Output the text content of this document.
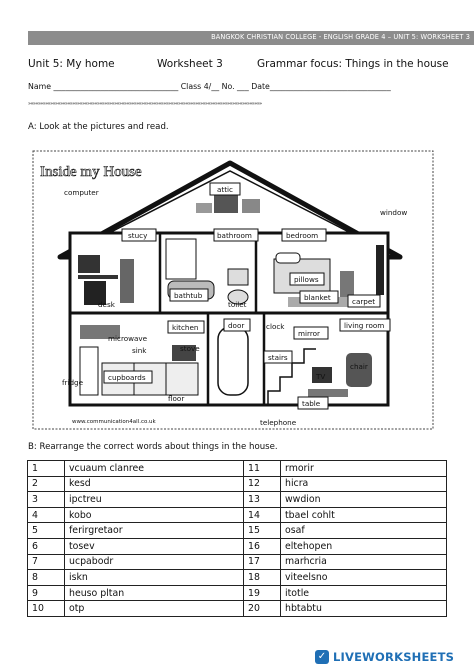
BANGKOK CHRISTIAN COLLEGE - ENGLISH GRADE 4 – UNIT 5: WORKSHEET 3
Unit 5: My home	Worksheet 3	Grammar focus: Things in the house
Name ________________________________ Class 4/__ No. ___ Date_______________________________
»»»»»»»»»»»»»»»»»»»»»»»»»»»»»»»»»»»»»»»»»»»»»»»»»»»»»»»»»»»»»»»»»»»»»»»»»»»»»»»»»»»»»»»»»»»»»»»
A: Look at the pictures and read.
Inside my House
attic
computer
stucy	bathroom	bedroom
window
desk
bathtub
toilet
pillows
blanket	carpet
kitchen	door	clock
mirror
living room
microwave
sink	stove
stairs
TV
chair
fridge
cupboards
floor
table
telephone
www.communication4all.co.uk
B: Rearrange the correct words about things in the house.
1	vcuaum clanree	11	rmorir
2	kesd	12	hicra
3	ipctreu	13	wwdion
4	kobo	14	tbael cohlt
5	ferirgretaor	15	osaf
6	tosev	16	eltehopen
7	ucpabodr	17	marhcria
8	iskn	18	viteelsno
9	heuso pltan	19	itotle
10	otp	20	hbtabtu
✓ LIVEWORKSHEETS
